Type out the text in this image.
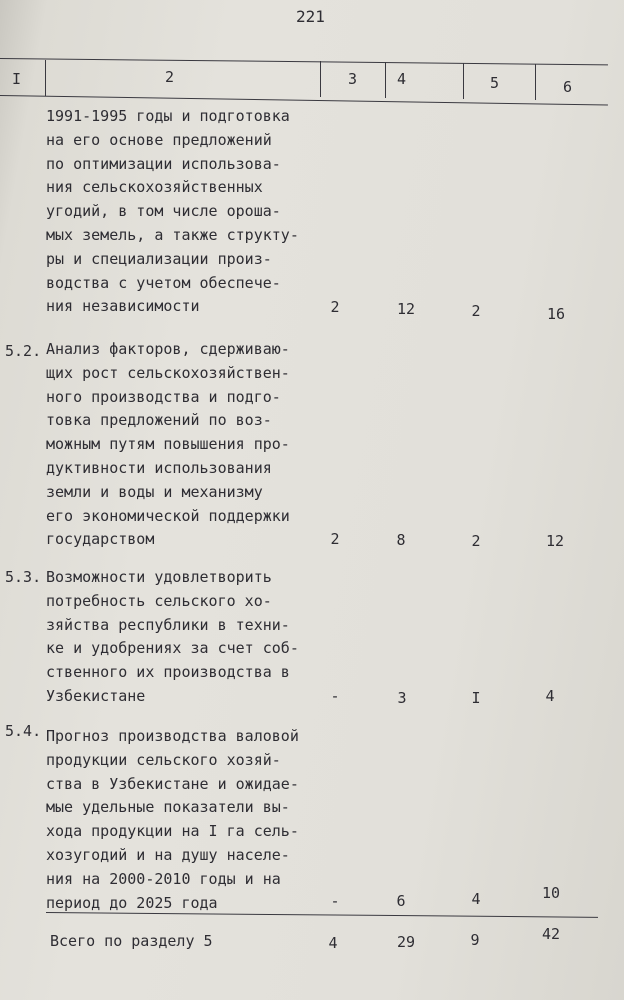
221
I	2	3	4	5	6
1991-1995 годы и подготовка
на его основе предложений
по оптимизации использова-
ния сельскохозяйственных
угодий, в том числе ороша-
мых земель, а также структу-
ры и специализации произ-
водства с учетом обеспече-
ния независимости	2	12	2	16
5.2. Анализ факторов, сдерживаю-
щих рост сельскохозяйствен-
ного производства и подго-
товка предложений по воз-
можным путям повышения про-
дуктивности использования
земли и воды и механизму
его экономической поддержки
государством	2	8	2	12
5.3. Возможности удовлетворить
потребность сельского хо-
зяйства республики в техни-
ке и удобрениях за счет соб-
ственного их производства в
Узбекистане	-	3	I	4
5.4. Прогноз производства валовой
продукции сельского хозяй-
ства в Узбекистане и ожидае-
мые удельные показатели вы-
хода продукции на I га сель-
хозугодий и на душу населе-
ния на 2000-2010 годы и на
период до 2025 года	-	6	4	10
Всего по разделу 5	4	29	9	42
